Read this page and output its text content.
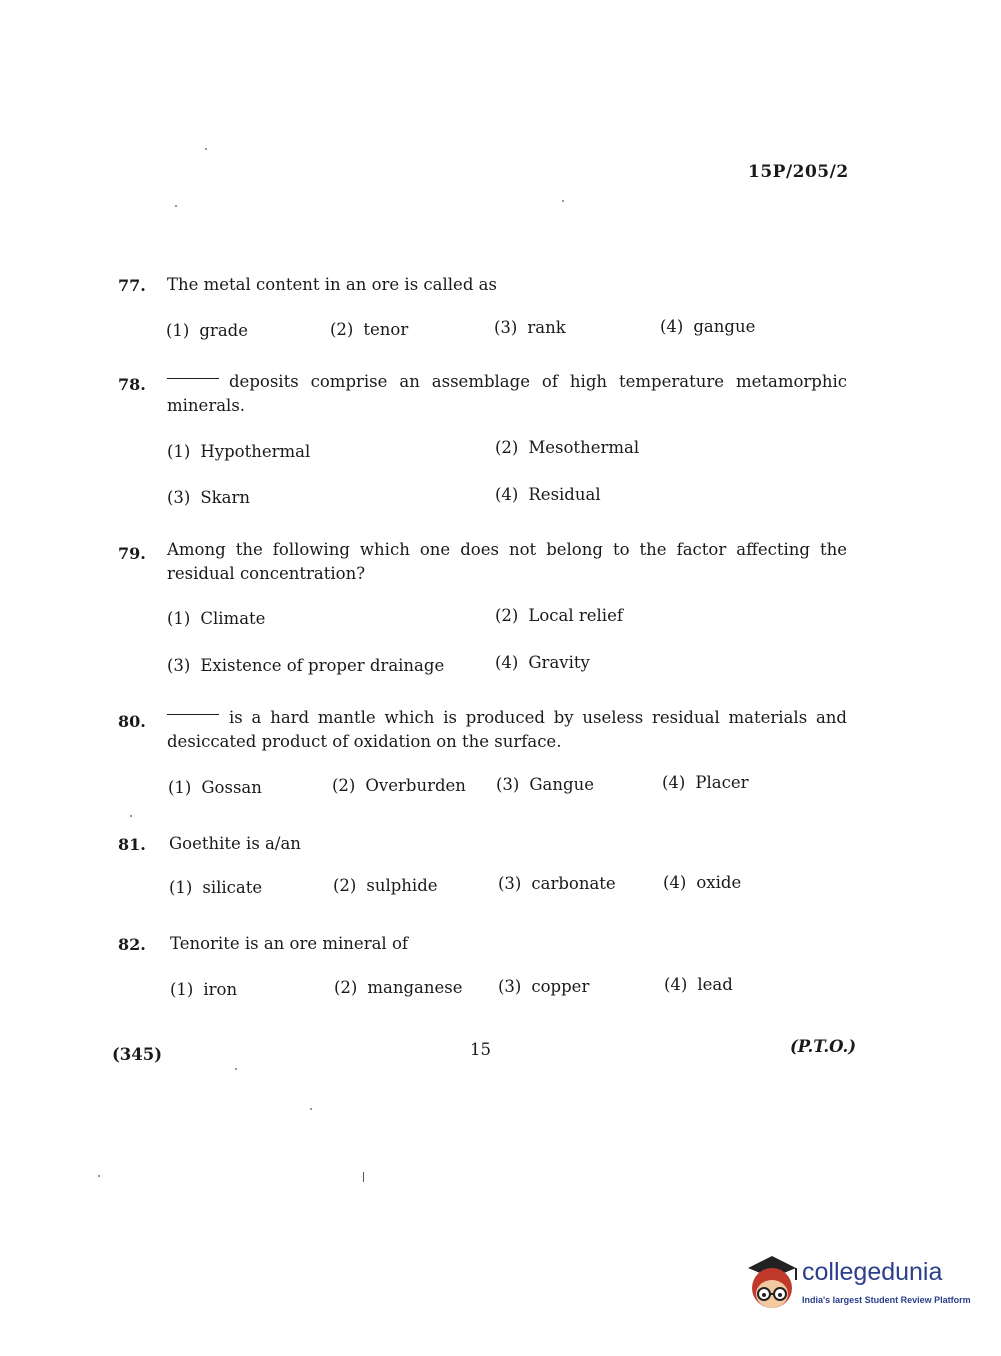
15P/205/2
77. The metal content in an ore is called as
(1) grade	(2) tenor	(3) rank	(4) gangue
78.	deposits comprise an assemblage of high temperature metamorphic minerals.
(1) Hypothermal	(2) Mesothermal
(3) Skarn	(4) Residual
79. Among the following which one does not belong to the factor affecting the residual concentration?
(1) Climate	(2) Local relief
(3) Existence of proper drainage	(4) Gravity
80.	is a hard mantle which is produced by useless residual materials and desiccated product of oxidation on the surface.
(1) Gossan	(2) Overburden (3) Gangue	(4) Placer
81. Goethite is a/an
(1) silicate	(2) sulphide	(3) carbonate	(4) oxide
82. Tenorite is an ore mineral of
(1) iron	(2) manganese (3) copper	(4) lead
(345)	15	(P.T.O.)
collegedunia
India's largest Student Review Platform
